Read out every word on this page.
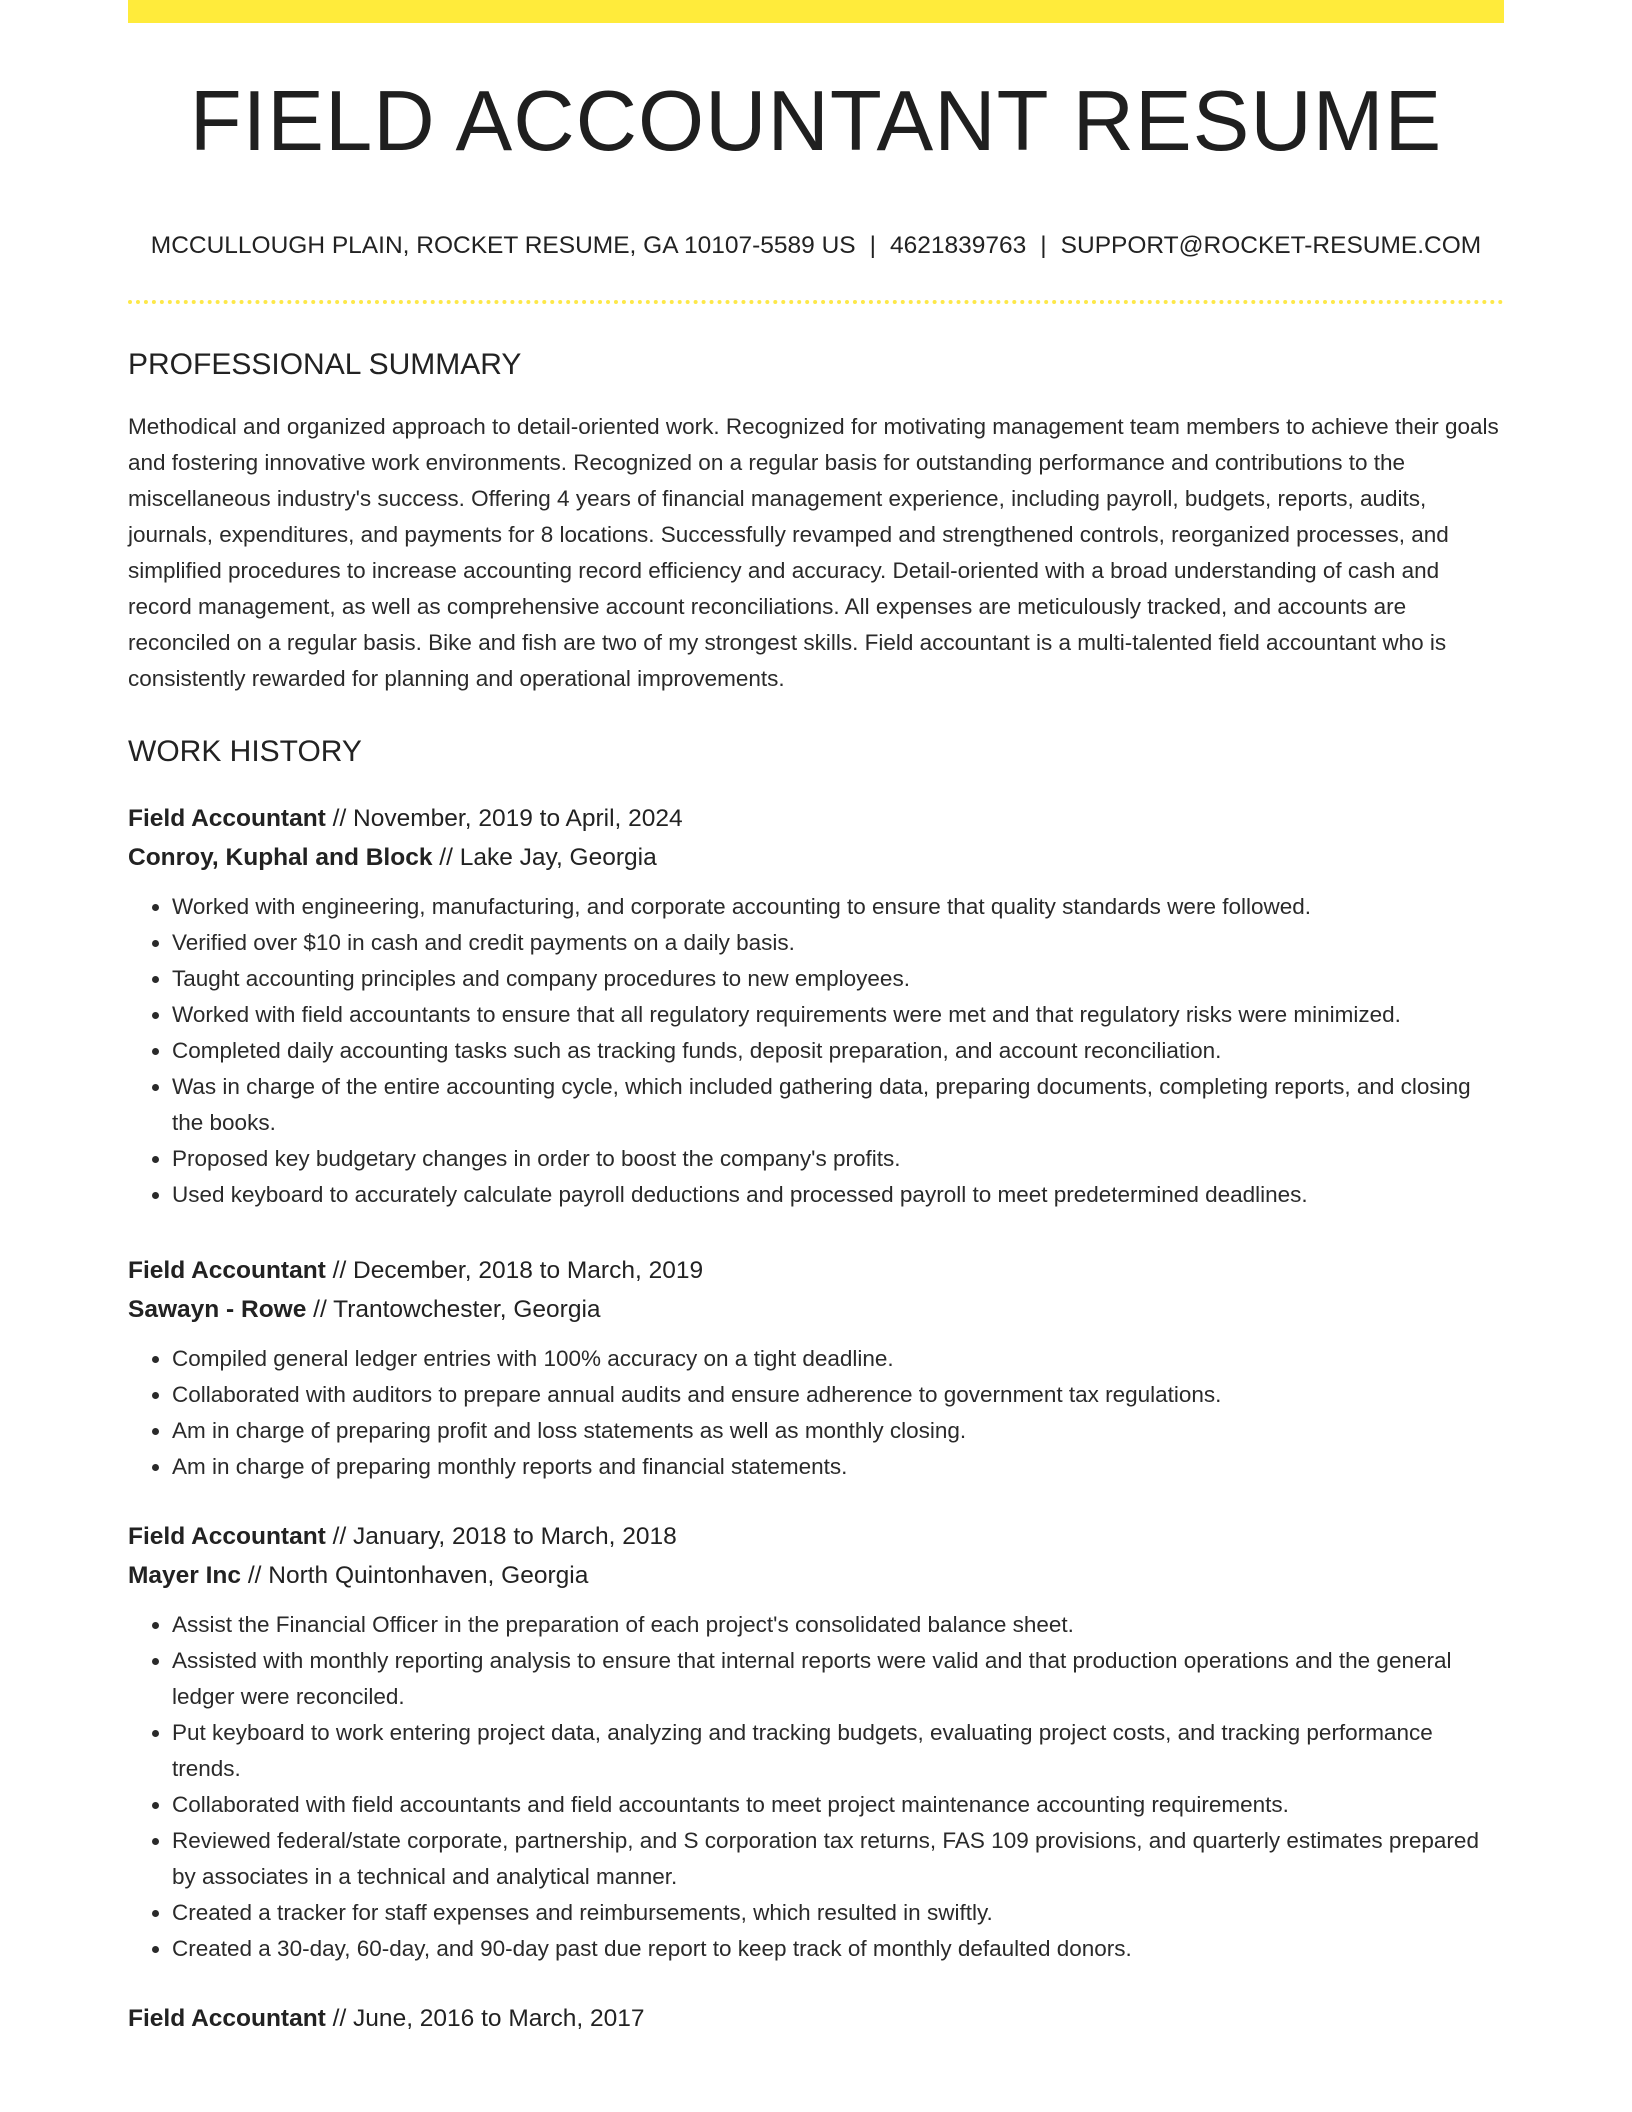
FIELD ACCOUNTANT RESUME
MCCULLOUGH PLAIN, ROCKET RESUME, GA 10107-5589 US | 4621839763 | SUPPORT@ROCKET-RESUME.COM
PROFESSIONAL SUMMARY
Methodical and organized approach to detail-oriented work. Recognized for motivating management team members to achieve their goals and fostering innovative work environments. Recognized on a regular basis for outstanding performance and contributions to the miscellaneous industry's success. Offering 4 years of financial management experience, including payroll, budgets, reports, audits, journals, expenditures, and payments for 8 locations. Successfully revamped and strengthened controls, reorganized processes, and simplified procedures to increase accounting record efficiency and accuracy. Detail-oriented with a broad understanding of cash and record management, as well as comprehensive account reconciliations. All expenses are meticulously tracked, and accounts are reconciled on a regular basis. Bike and fish are two of my strongest skills. Field accountant is a multi-talented field accountant who is consistently rewarded for planning and operational improvements.
WORK HISTORY
Field Accountant // November, 2019 to April, 2024
Conroy, Kuphal and Block // Lake Jay, Georgia
• Worked with engineering, manufacturing, and corporate accounting to ensure that quality standards were followed.
• Verified over $10 in cash and credit payments on a daily basis.
• Taught accounting principles and company procedures to new employees.
• Worked with field accountants to ensure that all regulatory requirements were met and that regulatory risks were minimized.
• Completed daily accounting tasks such as tracking funds, deposit preparation, and account reconciliation.
• Was in charge of the entire accounting cycle, which included gathering data, preparing documents, completing reports, and closing the books.
• Proposed key budgetary changes in order to boost the company's profits.
• Used keyboard to accurately calculate payroll deductions and processed payroll to meet predetermined deadlines.
Field Accountant // December, 2018 to March, 2019
Sawayn - Rowe // Trantowchester, Georgia
• Compiled general ledger entries with 100% accuracy on a tight deadline.
• Collaborated with auditors to prepare annual audits and ensure adherence to government tax regulations.
• Am in charge of preparing profit and loss statements as well as monthly closing.
• Am in charge of preparing monthly reports and financial statements.
Field Accountant // January, 2018 to March, 2018
Mayer Inc // North Quintonhaven, Georgia
• Assist the Financial Officer in the preparation of each project's consolidated balance sheet.
• Assisted with monthly reporting analysis to ensure that internal reports were valid and that production operations and the general ledger were reconciled.
• Put keyboard to work entering project data, analyzing and tracking budgets, evaluating project costs, and tracking performance trends.
• Collaborated with field accountants and field accountants to meet project maintenance accounting requirements.
• Reviewed federal/state corporate, partnership, and S corporation tax returns, FAS 109 provisions, and quarterly estimates prepared by associates in a technical and analytical manner.
• Created a tracker for staff expenses and reimbursements, which resulted in swiftly.
• Created a 30-day, 60-day, and 90-day past due report to keep track of monthly defaulted donors.
Field Accountant // June, 2016 to March, 2017
